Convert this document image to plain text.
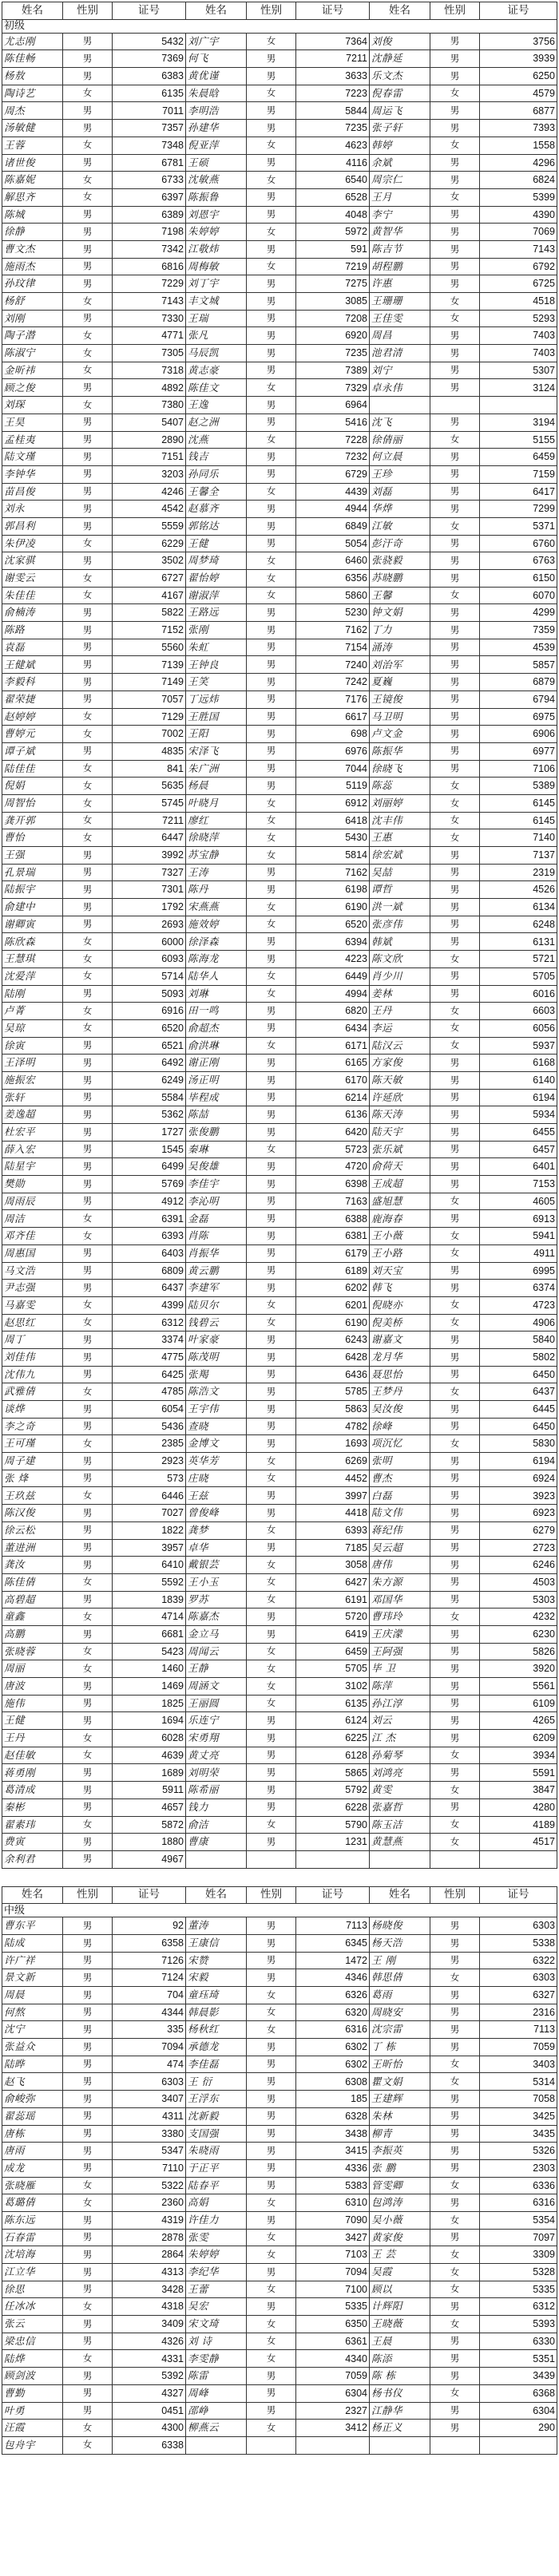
姓名	性别	证号	姓名	性别	证号	姓名	性别	证号
初级								
尤志刚	男	5432	刘广宇	女	7364	刘俊	男	3756
陈佳畅	男	7369	何飞	男	7211	沈静延	男	3939
杨敖	男	6383	黄优谨	男	3633	乐文杰	男	6250
陶诗艺	女	6135	朱晨晗	女	7223	倪春雷	女	4579
周杰	男	7011	李明浩	男	5844	周运飞	男	6877
汤敏健	男	7357	孙建华	男	7235	张子轩	男	7393
王蓉	女	7348	倪亚萍	女	4623	韩婷	女	1558
诸世俊	男	6781	王硕	男	4116	余斌	男	4296
陈嘉妮	女	6733	沈敏燕	女	6540	周宗仁	男	6824
解思齐	女	6397	陈振鲁	男	6528	王月	女	5399
陈城	男	6389	刘恩宇	男	4048	李宁	男	4390
徐静	男	7198	朱婷婷	女	5972	黄智华	男	7069
曹文杰	男	7342	江敬炜	男	591	陈吉节	男	7143
施雨杰	男	6816	周梅敏	女	7219	胡程鹏	男	6792
孙玟律	男	7229	刘丁宇	男	7275	许惠	男	6725
杨舒	女	7143	丰文城	男	3085	王珊珊	女	4518
刘刚	男	7330	王瑞	男	7208	王佳雯	女	5293
陶子潜	女	4771	张凡	男	6920	周昌	男	7403
陈淑宁	女	7305	马辰凯	男	7235	池君清	男	7403
金昕祎	女	7318	黄志豪	男	7389	刘宁	男	5307
顾之俊	男	4892	陈佳文	女	7329	卓永伟	男	3124
刘琛	女	7380	王逸	男	6964			
王昊	男	5407	赵之洲	男	5416	沈飞	男	3194
孟桂夷	男	2890	沈燕	女	7228	徐倩丽	女	5155
陆文瑾	男	7151	钱吉	男	7232	何立晨	男	6459
李钟华	男	3203	孙同乐	男	6729	王珍	男	7159
苗昌俊	男	4246	王馨全	女	4439	刘磊	男	6417
刘永	男	4542	赵慕齐	男	4944	华烨	男	7299
郭昌利	男	5559	郭铭达	男	6849	江敏	女	5371
朱伊凌	女	6229	王健	男	5054	彭汗奇	男	6760
沈家骐	男	3502	周梦琦	女	6460	张骁毅	男	6763
谢雯云	女	6727	翟怡婷	女	6356	苏晓鹏	男	6150
朱佳佳	女	4167	谢淑萍	女	5860	王馨	女	6070
俞楠涛	男	5822	王路远	男	5230	钟文娟	男	4299
陈路	男	7152	张刚	男	7162	丁力	男	7359
袁磊	男	5560	朱虹	男	7154	涌涛	男	4539
王健斌	男	7139	王钟良	男	7240	刘治军	男	5857
李毅科	男	7149	王笑	男	7242	夏巍	男	6879
翟荣捷	男	7057	丁远炜	男	7176	王镜俊	男	6794
赵婷婷	女	7129	王胜国	男	6617	马卫明	男	6975
曹婷元	女	7002	王阳	男	698	卢文金	男	6906
谭子斌	男	4835	宋泽飞	男	6976	陈振华	男	6977
陆佳佳	女	841	朱广洲	男	7044	徐晓飞	男	7106
倪娟	女	5635	杨晨	男	5119	陈蕊	女	5389
周智怡	女	5745	叶晓月	女	6912	刘丽婷	女	6145
龚开郭	女	7211	廖红	女	6418	沈丰伟	女	6145
曹怡	女	6447	徐晓萍	女	5430	王惠	女	7140
王强	男	3992	苏宝静	女	5814	徐宏斌	男	7137
孔景瑞	男	7327	王涛	男	7162	吴喆	男	2319
陆振宇	男	7301	陈丹	男	6198	谭哲	男	4526
俞建中	男	1792	宋燕燕	女	6190	洪一斌	男	6134
谢卿寅	男	2693	施效婷	女	6520	张彦伟	男	6248
陈欣森	女	6000	徐泽森	男	6394	韩斌	男	6131
王慧琪	女	6093	陈海龙	男	4223	陈文欣	女	5721
沈爱萍	女	5714	陆华人	女	6449	肖少川	男	5705
陆刚	男	5093	刘琳	女	4994	姜林	男	6016
卢菁	女	6916	田一鸣	男	6820	王丹	女	6603
吴琼	女	6520	俞超杰	男	6434	李运	女	6056
徐寅	男	6521	俞洪琳	女	6171	陆汉云	女	5937
王泽明	男	6492	谢正刚	男	6165	方家俊	男	6168
施振宏	男	6249	汤正明	男	6170	陈天敏	男	6140
张轩	男	5584	毕程成	男	6214	许延欣	男	6194
姜逸超	男	5362	陈喆	男	6136	陈天涛	男	5934
杜宏平	男	1727	张俊鹏	男	6420	陆天宇	男	6455
薛入宏	男	1545	秦琳	女	5723	张乐斌	男	6457
陆星宇	男	6499	吴俊雄	男	4720	俞荷天	男	6401
樊勋	男	5769	李佳宇	男	6398	王成超	男	7153
周雨辰	男	4912	李沁明	男	7163	盛旭慧	女	4605
周洁	女	6391	金磊	男	6388	鹿海春	男	6913
邓齐佳	女	6393	肖陈	男	6381	王小薇	女	5941
周惠国	男	6403	肖振华	男	6179	王小路	女	4911
马文浩	男	6809	黄云鹏	男	6189	刘天宝	男	6995
尹志强	男	6437	李建军	男	6202	韩飞	男	6374
马嘉雯	女	4399	陆贝尔	女	6201	倪晓亦	女	4723
赵思红	女	6312	钱碧云	女	6190	倪美桥	女	4906
周丁	男	3374	叶家豪	男	6243	谢嘉文	男	5840
刘佳伟	男	4775	陈茂明	男	6428	龙月华	男	5802
沈伟九	男	6425	张羯	男	6436	聂思怡	男	6450
武雅倩	女	4785	陈浩文	男	5785	王梦丹	女	6437
谈烨	男	6054	王宇伟	男	5863	吴汝俊	男	6445
李之奇	男	5436	查晓	男	4782	徐峰	男	6450
王可瑾	女	2385	金博文	男	1693	项沉忆	女	5830
周子建	男	2923	英华芳	女	6269	张明	男	6194
张 烽	男	573	庄晓	女	4452	曹杰	男	6924
王玖兹	女	6446	王兹	男	3997	白磊	男	3923
陈汉俊	男	7027	曾俊峰	男	4418	陆文伟	男	6923
徐云松	男	1822	龚梦	女	6393	蒋纪伟	男	6279
董进洲	男	3957	卓华	男	7185	吴云超	男	2723
龚汝	男	6410	戴银芸	女	3058	唐伟	男	6246
陈佳倩	女	5592	王小玉	女	6427	朱方源	男	4503
高碧超	男	1839	罗苏	女	6191	邓国华	男	5303
童鑫	女	4714	陈嘉杰	男	5720	曹玮玲	女	4232
高鹏	男	6681	金立马	男	6419	王庆濛	男	6230
张晓蓉	女	5423	周闻云	女	6459	王阿强	男	5826
周丽	女	1460	王静	女	5705	毕 卫	男	3920
唐波	男	1469	周涵文	女	3102	陈萍	男	5561
施伟	男	1825	王丽圆	女	6135	孙江淳	男	6109
王健	男	1694	乐连宁	男	6124	刘云	男	4265
王丹	女	6028	宋勇翔	男	6225	江 杰	男	6209
赵佳敏	女	4639	黄丈亮	男	6128	孙菊琴	女	3934
蒋勇刚	男	1689	刘明荣	男	5865	刘鸿亮	男	5591
葛清成	男	5911	陈希丽	男	5792	黄雯	女	3847
秦彬	男	4657	钱力	男	6228	张嘉哲	男	4280
翟素玮	女	5872	俞洁	女	5790	陈玉洁	女	4189
费寅	男	1880	曹康	男	1231	黄慧燕	女	4517
余利君	男	4967						
姓名	性别	证号	姓名	性别	证号	姓名	性别	证号
中级								
曹东平	男	92	董涛	男	7113	杨晓俊	男	6303
陆成	男	6358	王康信	男	6345	杨天浩	男	5338
许广祥	男	7126	宋赞	男	1472	王 刚	男	6322
景文新	男	7124	宋毅	男	4346	韩思倩	女	6303
周晨	男	704	童珏琦	女	6326	葛雨	男	6327
何熬	男	4344	韩晨影	女	6320	周晓安	男	2316
沈宁	男	335	杨秋红	女	6316	沈宗雷	男	7113
张益众	男	7094	承德龙	男	6302	丁 栋	男	7059
陆晔	男	474	李佳磊	男	6302	王昕怡	女	3403
赵飞	男	6303	王 衍	男	6308	瞿文娟	女	5314
俞峻弥	男	3407	王浮东	男	185	王建辉	男	7058
翟蕊瑶	男	4311	沈新毅	男	6328	朱林	男	3425
唐栋	男	3380	支国强	男	3438	柳青	男	3435
唐雨	男	5347	朱晓雨	男	3415	李振英	男	5326
成龙	男	7110	于正平	男	4336	张 鹏	男	2303
张晓雁	女	5322	陆春平	男	5383	管雯卿	女	6336
葛璐倩	女	2360	高娟	女	6310	包鸿涛	男	6316
陈东远	男	4319	许佳力	男	7090	吴小薇	女	5354
石春雷	男	2878	张雯	女	3427	黄家俊	男	7097
沈培海	男	2864	朱婷婷	女	7103	王 芸	女	3309
江立华	男	4313	李纪华	男	7094	吴霞	女	5328
徐思	男	3428	王蕾	女	7100	顾以	女	5335
任冰冰	女	4318	吴宏	男	5335	计辉阳	男	6312
张云	男	3409	宋文琦	女	6350	王晓薇	女	5393
梁忠信	男	4326	刘 诗	女	6361	王晨	男	6330
陆烨	女	4331	李雯静	女	4340	陈添	男	5351
顾剑波	男	5392	陈雷	男	7059	陈 栋	男	3439
曹勤	男	4327	周峰	男	6304	杨书仪	女	6368
叶勇	男	0451	邵峥	男	2327	江静华	男	6304
汪霞	女	4300	柳燕云	女	3412	杨正义	男	290
包舟宇	女	6338						
